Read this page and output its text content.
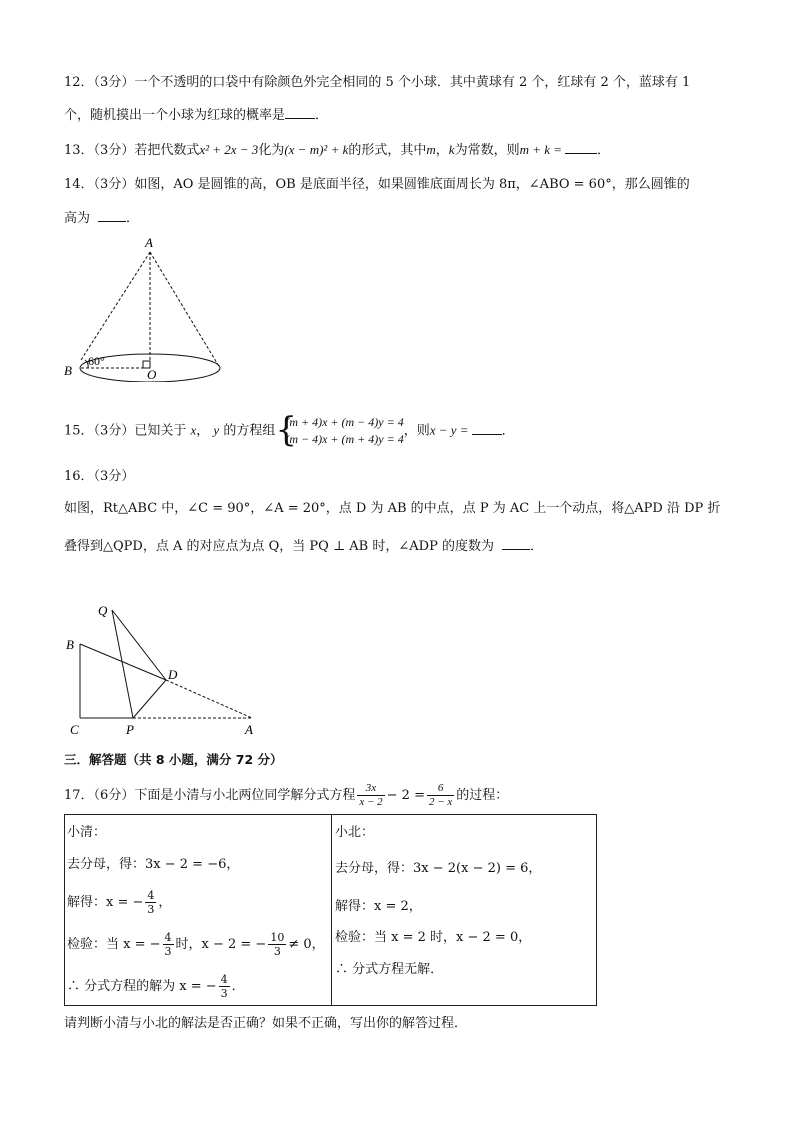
12．（3分）一个不透明的口袋中有除颜色外完全相同的 5 个小球．其中黄球有 2 个，红球有 2 个，蓝球有 1
个，随机摸出一个小球为红球的概率是 ．
13．（3分）若把代数式x² + 2x − 3化为(x − m)² + k的形式，其中m，k为常数，则m + k =	．
14．（3分）如图，AO 是圆锥的高，OB 是底面半径，如果圆锥底面周长为 8π，∠ABO = 60°，那么圆锥的
高为	．
A
B	O
60°
15．（3分）已知关于 x， y 的方程组 {
(m + 4)x + (m − 4)y = 4
(m − 4)x + (m + 4)y = 4
，则x − y =	．
16．（3分）
如图，Rt△ABC 中，∠C = 90°，∠A = 20°，点 D 为 AB 的中点，点 P 为 AC 上一个动点，将△APD 沿 DP 折
叠得到△QPD，点 A 的对应点为点 Q，当 PQ ⊥ AB 时，∠ADP 的度数为	．
Q
B
D
C	P	A
三．解答题（共 8 小题，满分 72 分）
17．（6分）下面是小清与小北两位同学解分式方程 $\frac{3x}{x - 2} - 2 = \frac{6}{2 - x}$ 的过程：
小清：
去分母，得：3x − 2 = −6，
解得：x = − $\frac{4}{3}$ ，
检验：当 x = − $\frac{4}{3}$ 时，x − 2 = − $\frac{10}{3} \ne 0$，
∴ 分式方程的解为 x = − $\frac{4}{3}$ ．
小北：
去分母，得：3x − 2(x − 2) = 6，
解得：x = 2，
检验：当 x = 2 时，x − 2 = 0，
∴ 分式方程无解．
请判断小清与小北的解法是否正确？如果不正确，写出你的解答过程．
